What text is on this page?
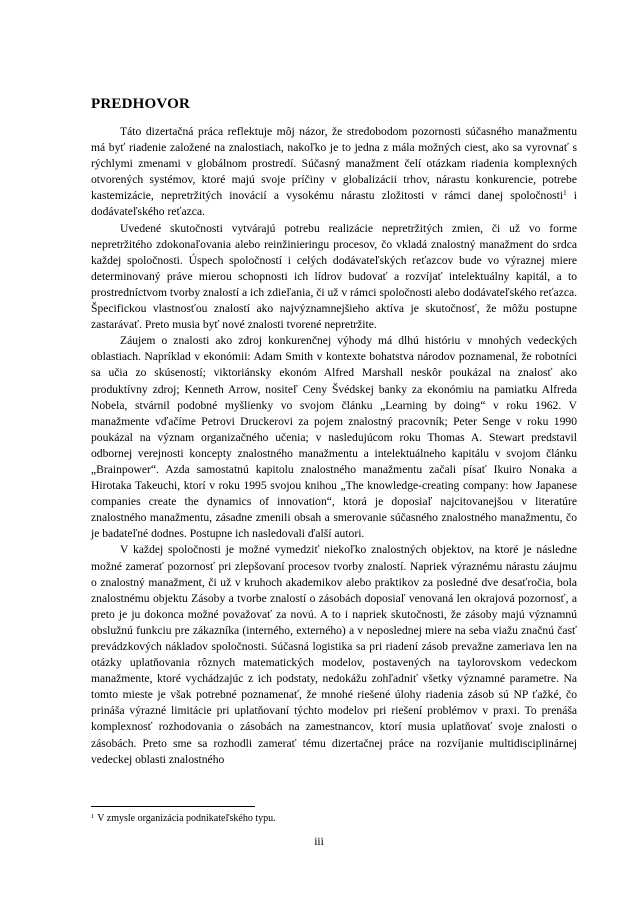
PREDHOVOR

Táto dizertačná práca reflektuje môj názor, že stredobodom pozornosti súčasného manažmentu má byť riadenie založené na znalostiach, nakoľko je to jedna z mála možných ciest, ako sa vyrovnať s rýchlymi zmenami v globálnom prostredí. Súčasný manažment čelí otázkam riadenia komplexných otvorených systémov, ktoré majú svoje príčiny v globalizácii trhov, nárastu konkurencie, potrebe kastemizácie, nepretržitých inovácií a vysokému nárastu zložitosti v rámci danej spoločnosti$^1$ i dodávateľského reťazca.

Uvedené skutočnosti vytvárajú potrebu realizácie nepretržitých zmien, či už vo forme nepretržitého zdokonaľovania alebo reinžinieringu procesov, čo vkladá znalostný manažment do srdca každej spoločnosti. Úspech spoločností i celých dodávateľských reťazcov bude vo výraznej miere determinovaný práve mierou schopnosti ich lídrov budovať a rozvíjať intelektuálny kapitál, a to prostredníctvom tvorby znalostí a ich zdieľania, či už v rámci spoločnosti alebo dodávateľského reťazca. Špecifickou vlastnosťou znalostí ako najvýznamnejšieho aktíva je skutočnosť, že môžu postupne zastarávať. Preto musia byť nové znalosti tvorené nepretržite.

Záujem o znalosti ako zdroj konkurenčnej výhody má dlhú históriu v mnohých vedeckých oblastiach. Napríklad v ekonómii: Adam Smith v kontexte bohatstva národov poznamenal, že robotníci sa učia zo skúseností; viktoriánsky ekonóm Alfred Marshall neskôr poukázal na znalosť ako produktívny zdroj; Kenneth Arrow, nositeľ Ceny Švédskej banky za ekonómiu na pamiatku Alfreda Nobela, stvárnil podobné myšlienky vo svojom článku „Learning by doing“ v roku 1962. V manažmente vďačíme Petrovi Druckerovi za pojem znalostný pracovník; Peter Senge v roku 1990 poukázal na význam organizačného učenia; v nasledujúcom roku Thomas A. Stewart predstavil odbornej verejnosti koncepty znalostného manažmentu a intelektuálneho kapitálu v svojom článku „Brainpower“. Azda samostatnú kapitolu znalostného manažmentu začali písať Ikuiro Nonaka a Hirotaka Takeuchi, ktorí v roku 1995 svojou knihou „The knowledge-creating company: how Japanese companies create the dynamics of innovation“, ktorá je doposiaľ najcitovanejšou v literatúre znalostného manažmentu, zásadne zmenili obsah a smerovanie súčasného znalostného manažmentu, čo je badateľné dodnes. Postupne ich nasledovali ďalší autori.

V každej spoločnosti je možné vymedziť niekoľko znalostných objektov, na ktoré je následne možné zamerať pozornosť pri zlepšovaní procesov tvorby znalostí. Napriek výraznému nárastu záujmu o znalostný manažment, či už v kruhoch akademikov alebo praktikov za posledné dve desaťročia, bola znalostnému objektu Zásoby a tvorbe znalostí o zásobách doposiaľ venovaná len okrajová pozornosť, a preto je ju dokonca možné považovať za novú. A to i napriek skutočnosti, že zásoby majú významnú obslužnú funkciu pre zákazníka (interného, externého) a v neposlednej miere na seba viažu značnú časť prevádzkových nákladov spoločnosti. Súčasná logistika sa pri riadení zásob prevažne zameriava len na otázky uplatňovania rôznych matematických modelov, postavených na taylorovskom vedeckom manažmente, ktoré vychádzajúc z ich podstaty, nedokážu zohľadniť všetky významné parametre. Na tomto mieste je však potrebné poznamenať, že mnohé riešené úlohy riadenia zásob sú NP ťažké, čo prináša výrazné limitácie pri uplatňovaní týchto modelov pri riešení problémov v praxi. To prenáša komplexnosť rozhodovania o zásobách na zamestnancov, ktorí musia uplatňovať svoje znalosti o zásobách. Preto sme sa rozhodli zamerať tému dizertačnej práce na rozvíjanie multidisciplinárnej vedeckej oblasti znalostného

$^1$ V zmysle organizácia podnikateľského typu.
iii
